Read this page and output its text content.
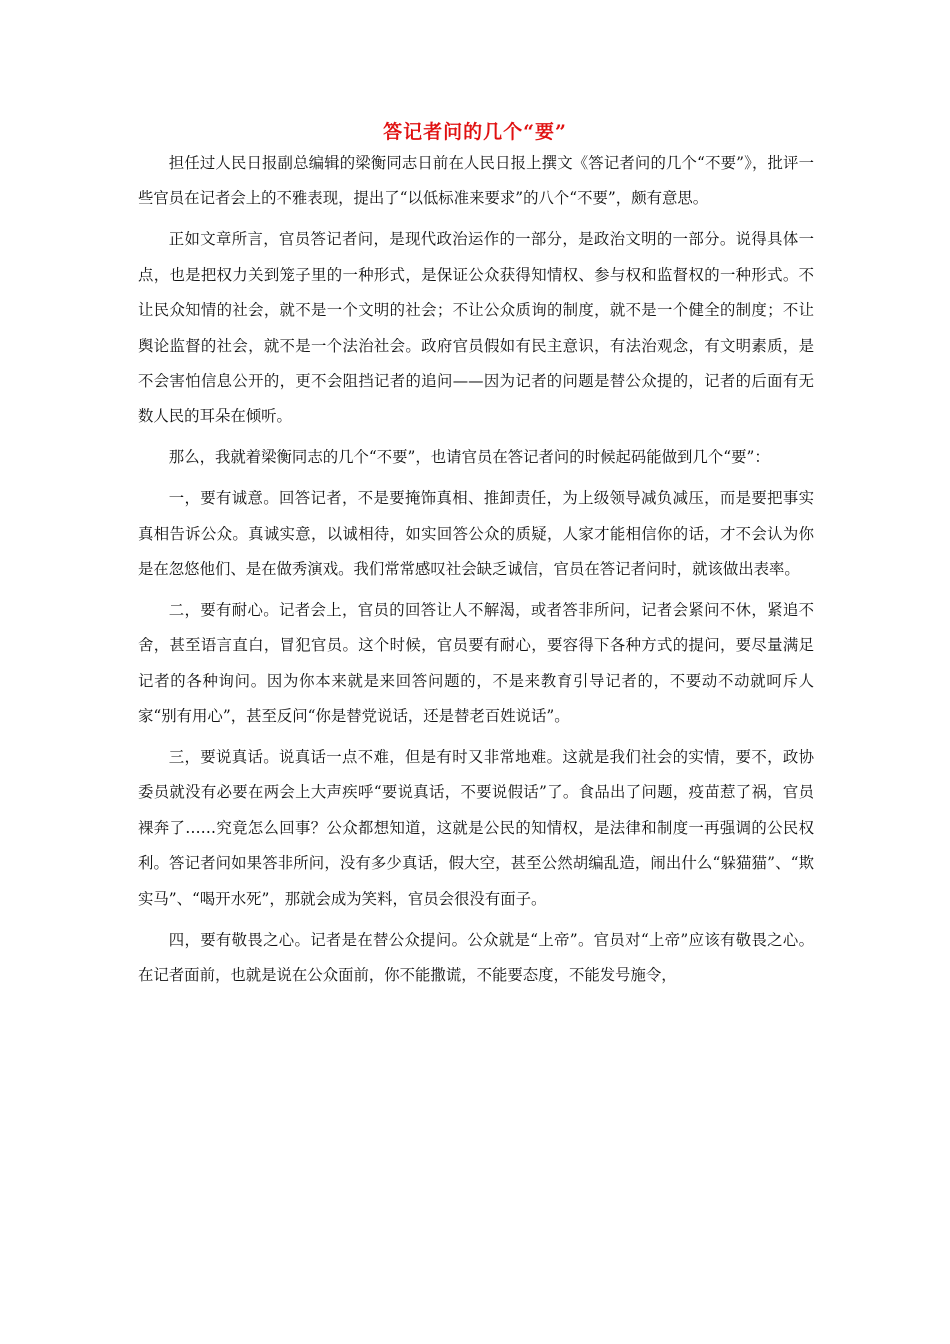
答记者问的几个“要”

担任过人民日报副总编辑的梁衡同志日前在人民日报上撰文《答记者问的几个“不要”》，批评一些官员在记者会上的不雅表现，提出了“以低标准来要求”的八个“不要”，颇有意思。

正如文章所言，官员答记者问，是现代政治运作的一部分，是政治文明的一部分。说得具体一点，也是把权力关到笼子里的一种形式，是保证公众获得知情权、参与权和监督权的一种形式。不让民众知情的社会，就不是一个文明的社会；不让公众质询的制度，就不是一个健全的制度；不让舆论监督的社会，就不是一个法治社会。政府官员假如有民主意识，有法治观念，有文明素质，是不会害怕信息公开的，更不会阻挡记者的追问——因为记者的问题是替公众提的，记者的后面有无数人民的耳朵在倾听。

那么，我就着梁衡同志的几个“不要”，也请官员在答记者问的时候起码能做到几个“要”：

一，要有诚意。回答记者，不是要掩饰真相、推卸责任，为上级领导减负减压，而是要把事实真相告诉公众。真诚实意，以诚相待，如实回答公众的质疑，人家才能相信你的话，才不会认为你是在忽悠他们、是在做秀演戏。我们常常感叹社会缺乏诚信，官员在答记者问时，就该做出表率。

二，要有耐心。记者会上，官员的回答让人不解渴，或者答非所问，记者会紧问不休，紧追不舍，甚至语言直白，冒犯官员。这个时候，官员要有耐心，要容得下各种方式的提问，要尽量满足记者的各种询问。因为你本来就是来回答问题的，不是来教育引导记者的，不要动不动就呵斥人家“别有用心”，甚至反问“你是替党说话，还是替老百姓说话”。

三，要说真话。说真话一点不难，但是有时又非常地难。这就是我们社会的实情，要不，政协委员就没有必要在两会上大声疾呼“要说真话，不要说假话”了。食品出了问题，疫苗惹了祸，官员裸奔了……究竟怎么回事？公众都想知道，这就是公民的知情权，是法律和制度一再强调的公民权利。答记者问如果答非所问，没有多少真话，假大空，甚至公然胡编乱造，闹出什么“躲猫猫”、“欺实马”、“喝开水死”，那就会成为笑料，官员会很没有面子。

四，要有敬畏之心。记者是在替公众提问。公众就是“上帝”。官员对“上帝”应该有敬畏之心。在记者面前，也就是说在公众面前，你不能撒谎，不能要态度，不能发号施令，
